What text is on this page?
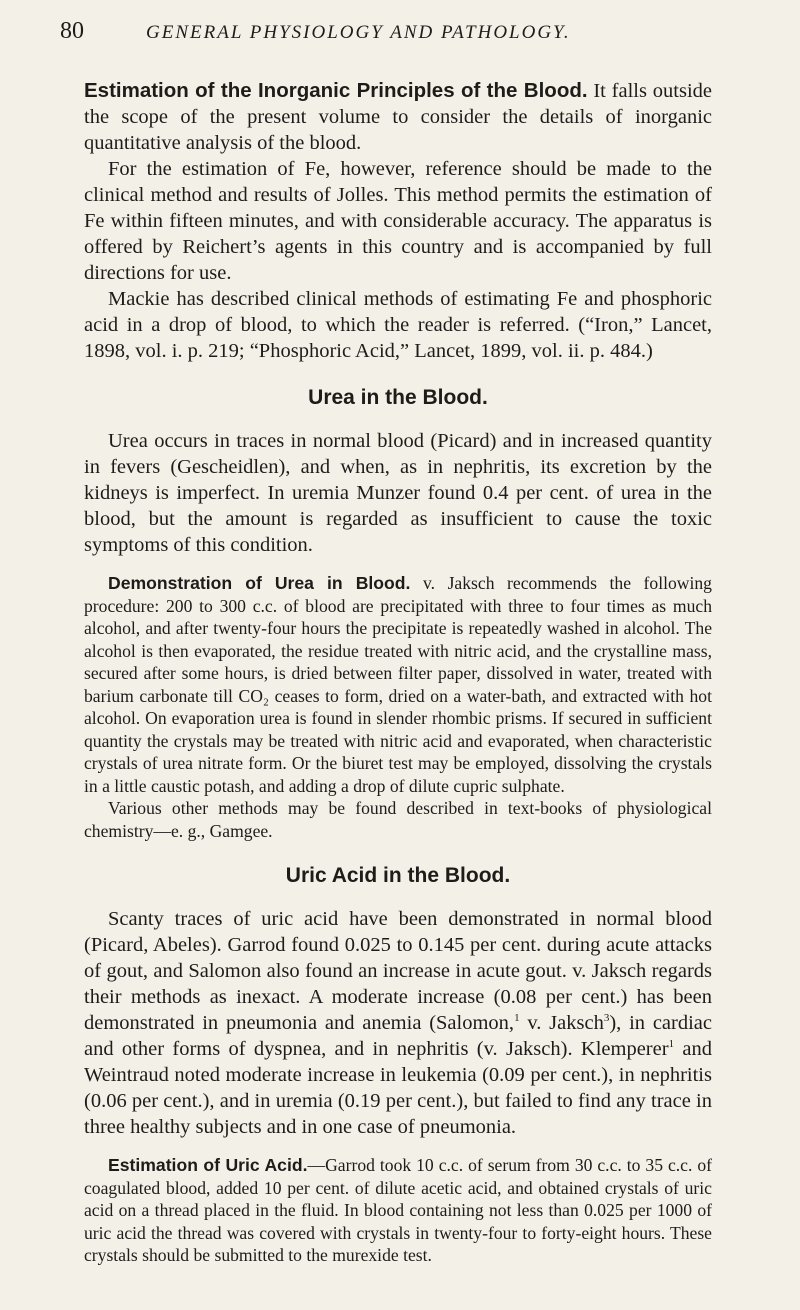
80	GENERAL PHYSIOLOGY AND PATHOLOGY.

Estimation of the Inorganic Principles of the Blood. It falls outside the scope of the present volume to consider the details of inorganic quantitative analysis of the blood.

For the estimation of Fe, however, reference should be made to the clinical method and results of Jolles. This method permits the estimation of Fe within fifteen minutes, and with considerable accuracy. The apparatus is offered by Reichert’s agents in this country and is accompanied by full directions for use.

Mackie has described clinical methods of estimating Fe and phosphoric acid in a drop of blood, to which the reader is referred. (“Iron,” Lancet, 1898, vol. i. p. 219; “Phosphoric Acid,” Lancet, 1899, vol. ii. p. 484.)

Urea in the Blood.

Urea occurs in traces in normal blood (Picard) and in increased quantity in fevers (Gescheidlen), and when, as in nephritis, its excretion by the kidneys is imperfect. In uremia Munzer found 0.4 per cent. of urea in the blood, but the amount is regarded as insufficient to cause the toxic symptoms of this condition.

Demonstration of Urea in Blood. v. Jaksch recommends the following procedure: 200 to 300 c.c. of blood are precipitated with three to four times as much alcohol, and after twenty-four hours the precipitate is repeatedly washed in alcohol. The alcohol is then evaporated, the residue treated with nitric acid, and the crystalline mass, secured after some hours, is dried between filter paper, dissolved in water, treated with barium carbonate till CO₂ ceases to form, dried on a water-bath, and extracted with hot alcohol. On evaporation urea is found in slender rhombic prisms. If secured in sufficient quantity the crystals may be treated with nitric acid and evaporated, when characteristic crystals of urea nitrate form. Or the biuret test may be employed, dissolving the crystals in a little caustic potash, and adding a drop of dilute cupric sulphate.

Various other methods may be found described in text-books of physiological chemistry—e. g., Gamgee.

Uric Acid in the Blood.

Scanty traces of uric acid have been demonstrated in normal blood (Picard, Abeles). Garrod found 0.025 to 0.145 per cent. during acute attacks of gout, and Salomon also found an increase in acute gout. v. Jaksch regards their methods as inexact. A moderate increase (0.08 per cent.) has been demonstrated in pneumonia and anemia (Salomon,$^1$ v. Jaksch$^3$), in cardiac and other forms of dyspnea, and in nephritis (v. Jaksch). Klemperer$^1$ and Weintraud noted moderate increase in leukemia (0.09 per cent.), in nephritis (0.06 per cent.), and in uremia (0.19 per cent.), but failed to find any trace in three healthy subjects and in one case of pneumonia.

Estimation of Uric Acid.—Garrod took 10 c.c. of serum from 30 c.c. to 35 c.c. of coagulated blood, added 10 per cent. of dilute acetic acid, and obtained crystals of uric acid on a thread placed in the fluid. In blood containing not less than 0.025 per 1000 of uric acid the thread was covered with crystals in twenty-four to forty-eight hours. These crystals should be submitted to the murexide test.
